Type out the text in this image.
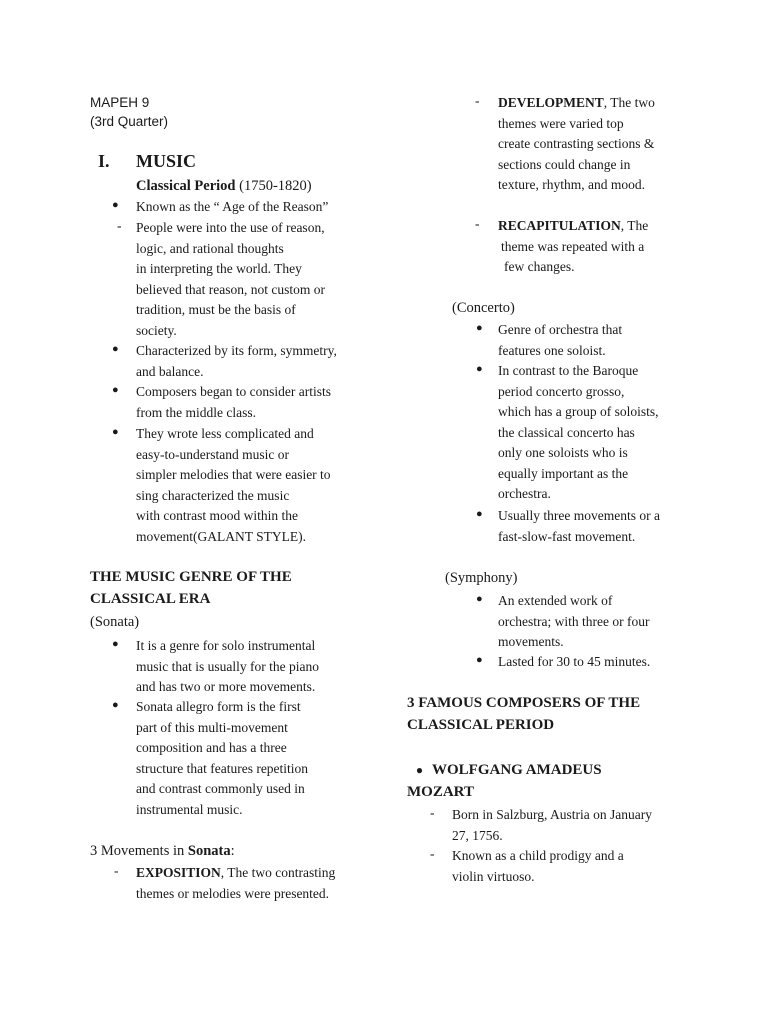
MAPEH 9
(3rd Quarter)
I. MUSIC
Classical Period (1750-1820)
● Known as the “ Age of the Reason”
- People were into the use of reason,
logic, and rational thoughts
in interpreting the world. They
believed that reason, not custom or
tradition, must be the basis of
society.
● Characterized by its form, symmetry,
and balance.
● Composers began to consider artists
from the middle class.
● They wrote less complicated and
easy-to-understand music or
simpler melodies that were easier to
sing characterized the music
with contrast mood within the
movement(GALANT STYLE).
THE MUSIC GENRE OF THE
CLASSICAL ERA
(Sonata)
● It is a genre for solo instrumental
music that is usually for the piano
and has two or more movements.
● Sonata allegro form is the first
part of this multi-movement
composition and has a three
structure that features repetition
and contrast commonly used in
instrumental music.
3 Movements in Sonata:
- EXPOSITION, The two contrasting
themes or melodies were presented.
- DEVELOPMENT, The two
themes were varied top
create contrasting sections &
sections could change in
texture, rhythm, and mood.
- RECAPITULATION, The
theme was repeated with a
few changes.
(Concerto)
● Genre of orchestra that
features one soloist.
● In contrast to the Baroque
period concerto grosso,
which has a group of soloists,
the classical concerto has
only one soloists who is
equally important as the
orchestra.
● Usually three movements or a
fast-slow-fast movement.
(Symphony)
● An extended work of
orchestra; with three or four
movements.
● Lasted for 30 to 45 minutes.
3 FAMOUS COMPOSERS OF THE
CLASSICAL PERIOD
● WOLFGANG AMADEUS
MOZART
- Born in Salzburg, Austria on January
27, 1756.
- Known as a child prodigy and a
violin virtuoso.
